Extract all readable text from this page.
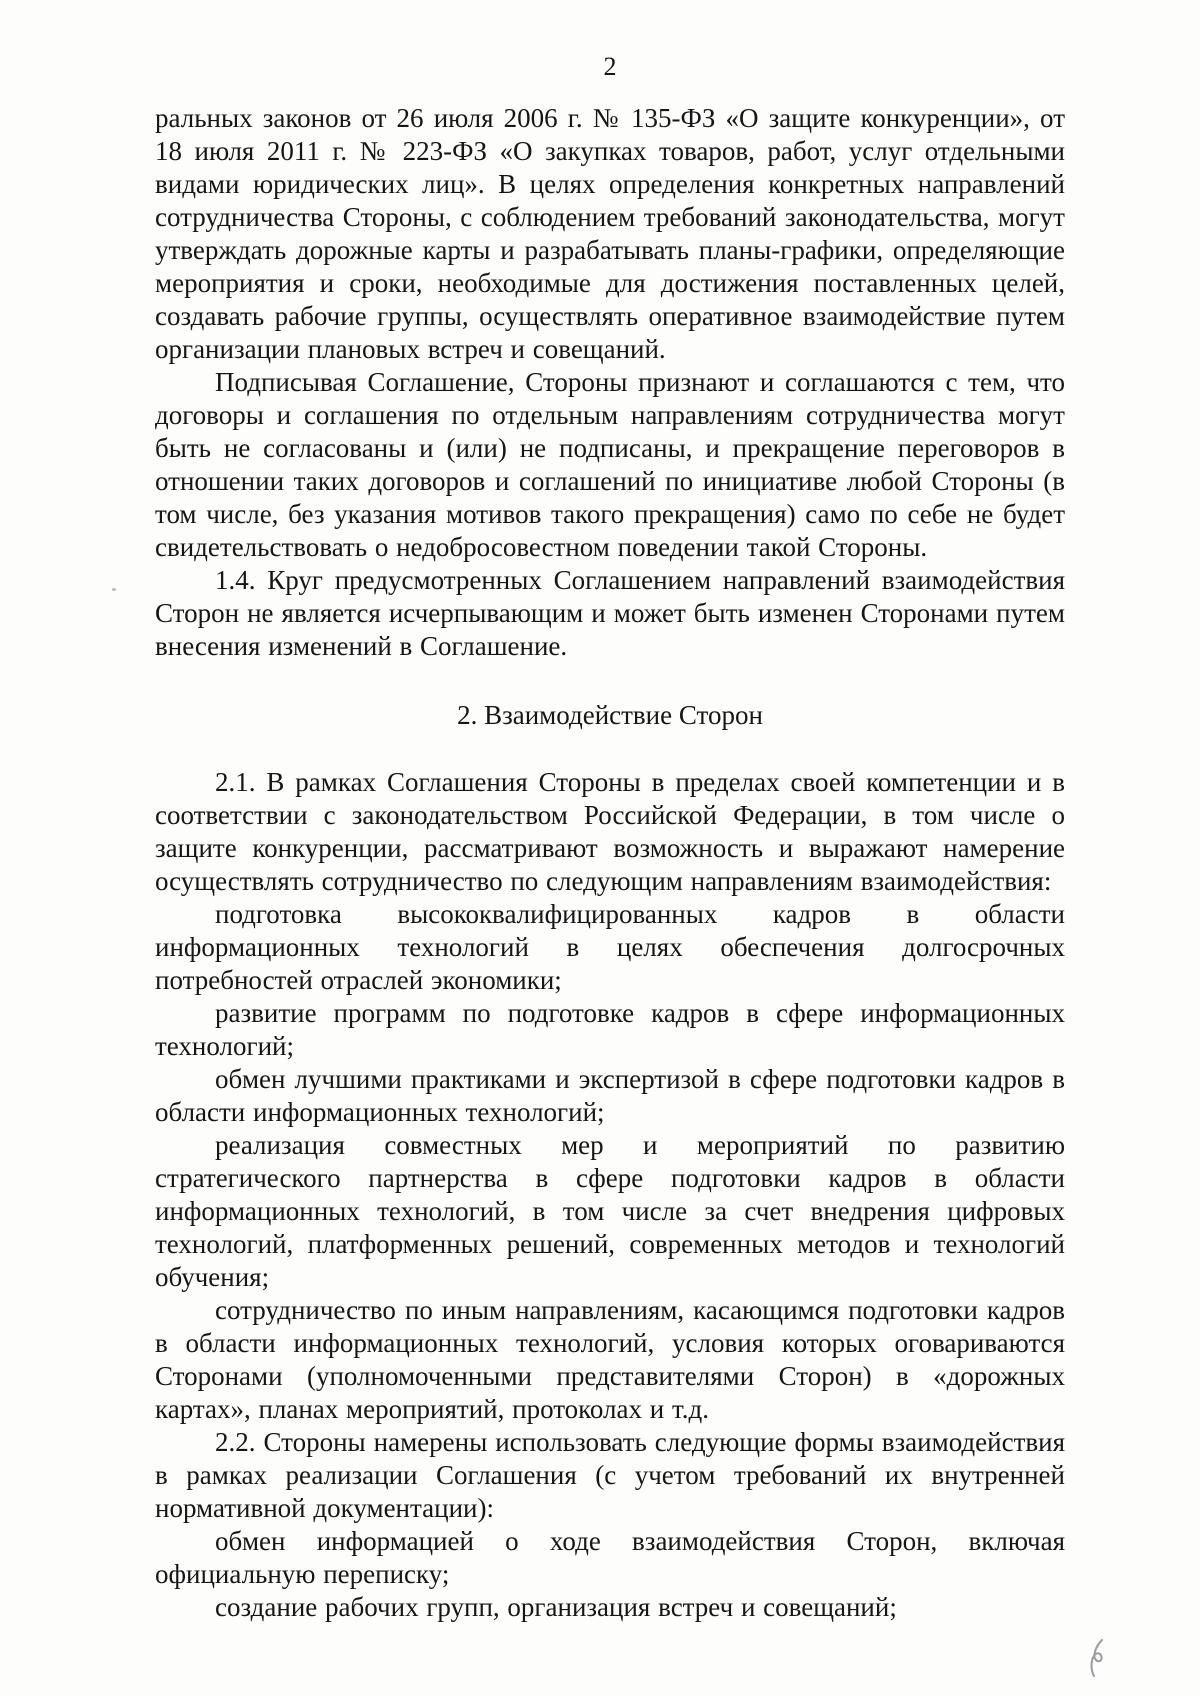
2

ральных законов от 26 июля 2006 г. № 135-ФЗ «О защите конкуренции», от 18 июля 2011 г. № 223-ФЗ «О закупках товаров, работ, услуг отдельными видами юридических лиц». В целях определения конкретных направлений сотрудничества Стороны, с соблюдением требований законодательства, могут утверждать дорожные карты и разрабатывать планы-графики, определяющие мероприятия и сроки, необходимые для достижения поставленных целей, создавать рабочие группы, осуществлять оперативное взаимодействие путем организации плановых встреч и совещаний.

Подписывая Соглашение, Стороны признают и соглашаются с тем, что договоры и соглашения по отдельным направлениям сотрудничества могут быть не согласованы и (или) не подписаны, и прекращение переговоров в отношении таких договоров и соглашений по инициативе любой Стороны (в том числе, без указания мотивов такого прекращения) само по себе не будет свидетельствовать о недобросовестном поведении такой Стороны.

1.4. Круг предусмотренных Соглашением направлений взаимодействия Сторон не является исчерпывающим и может быть изменен Сторонами путем внесения изменений в Соглашение.

2. Взаимодействие Сторон

2.1. В рамках Соглашения Стороны в пределах своей компетенции и в соответствии с законодательством Российской Федерации, в том числе о защите конкуренции, рассматривают возможность и выражают намерение осуществлять сотрудничество по следующим направлениям взаимодействия:

подготовка высококвалифицированных кадров в области информационных технологий в целях обеспечения долгосрочных потребностей отраслей экономики;

развитие программ по подготовке кадров в сфере информационных технологий;

обмен лучшими практиками и экспертизой в сфере подготовки кадров в области информационных технологий;

реализация совместных мер и мероприятий по развитию стратегического партнерства в сфере подготовки кадров в области информационных технологий, в том числе за счет внедрения цифровых технологий, платформенных решений, современных методов и технологий обучения;

сотрудничество по иным направлениям, касающимся подготовки кадров в области информационных технологий, условия которых оговариваются Сторонами (уполномоченными представителями Сторон) в «дорожных картах», планах мероприятий, протоколах и т.д.

2.2. Стороны намерены использовать следующие формы взаимодействия в рамках реализации Соглашения (с учетом требований их внутренней нормативной документации):

обмен информацией о ходе взаимодействия Сторон, включая официальную переписку;

создание рабочих групп, организация встреч и совещаний;
